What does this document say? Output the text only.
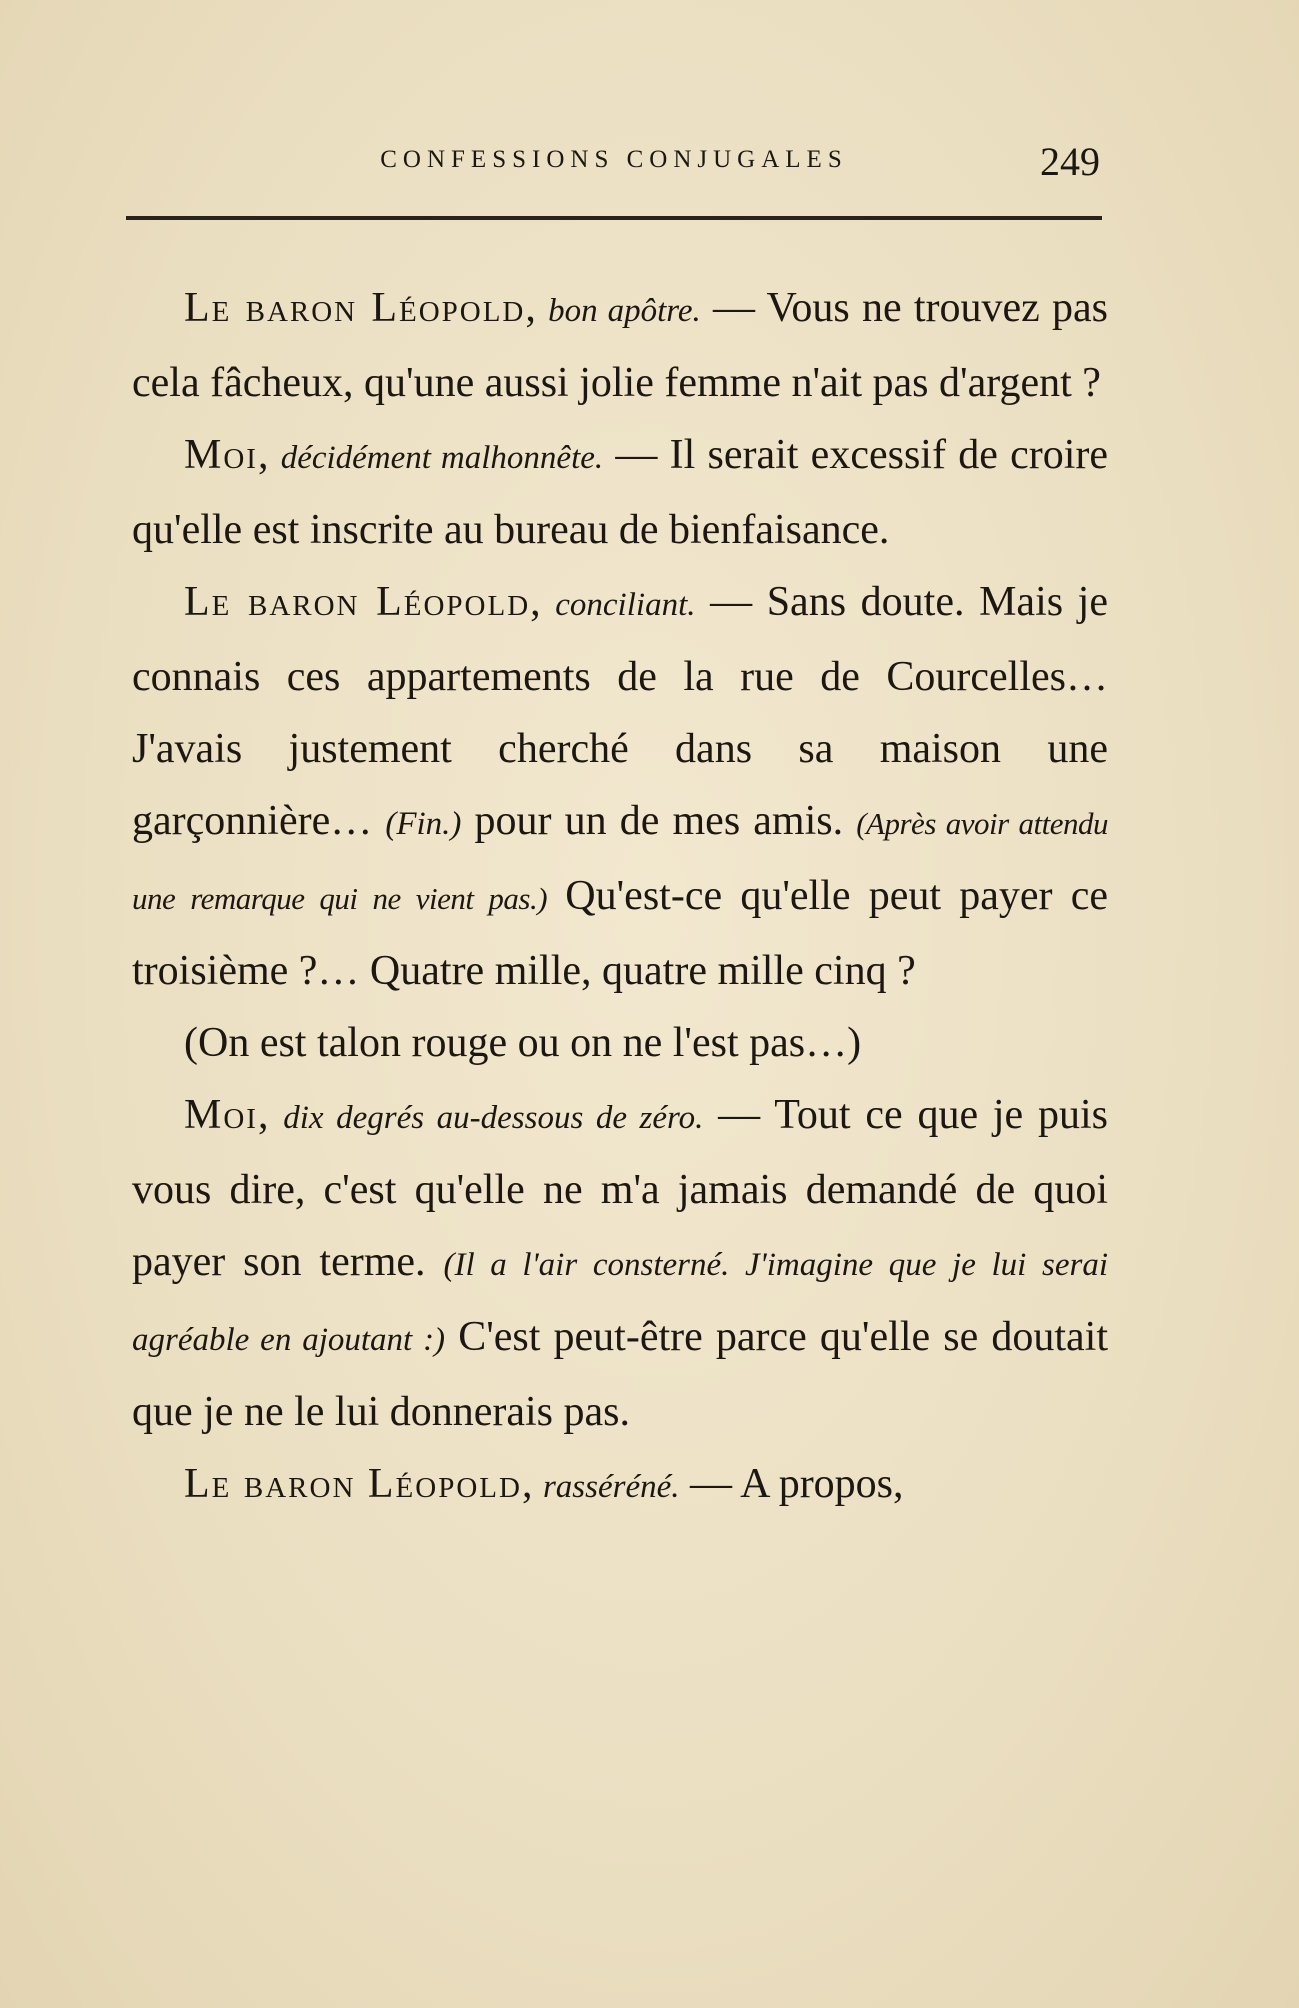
CONFESSIONS CONJUGALES	249

Le baron Léopold, bon apôtre. — Vous ne trouvez pas cela fâcheux, qu'une aussi jolie femme n'ait pas d'argent ?

Moi, décidément malhonnête. — Il serait excessif de croire qu'elle est inscrite au bureau de bienfaisance.

Le baron Léopold, conciliant. — Sans doute. Mais je connais ces appartements de la rue de Courcelles… J'avais justement cherché dans sa maison une garçonnière… (Fin.) pour un de mes amis. (Après avoir attendu une remarque qui ne vient pas.) Qu'est-ce qu'elle peut payer ce troisième ?… Quatre mille, quatre mille cinq ?

(On est talon rouge ou on ne l'est pas…)

Moi, dix degrés au-dessous de zéro. — Tout ce que je puis vous dire, c'est qu'elle ne m'a jamais demandé de quoi payer son terme. (Il a l'air consterné. J'imagine que je lui serai agréable en ajoutant :) C'est peut-être parce qu'elle se doutait que je ne le lui donnerais pas.

Le baron Léopold, rasséréné. — A propos,
